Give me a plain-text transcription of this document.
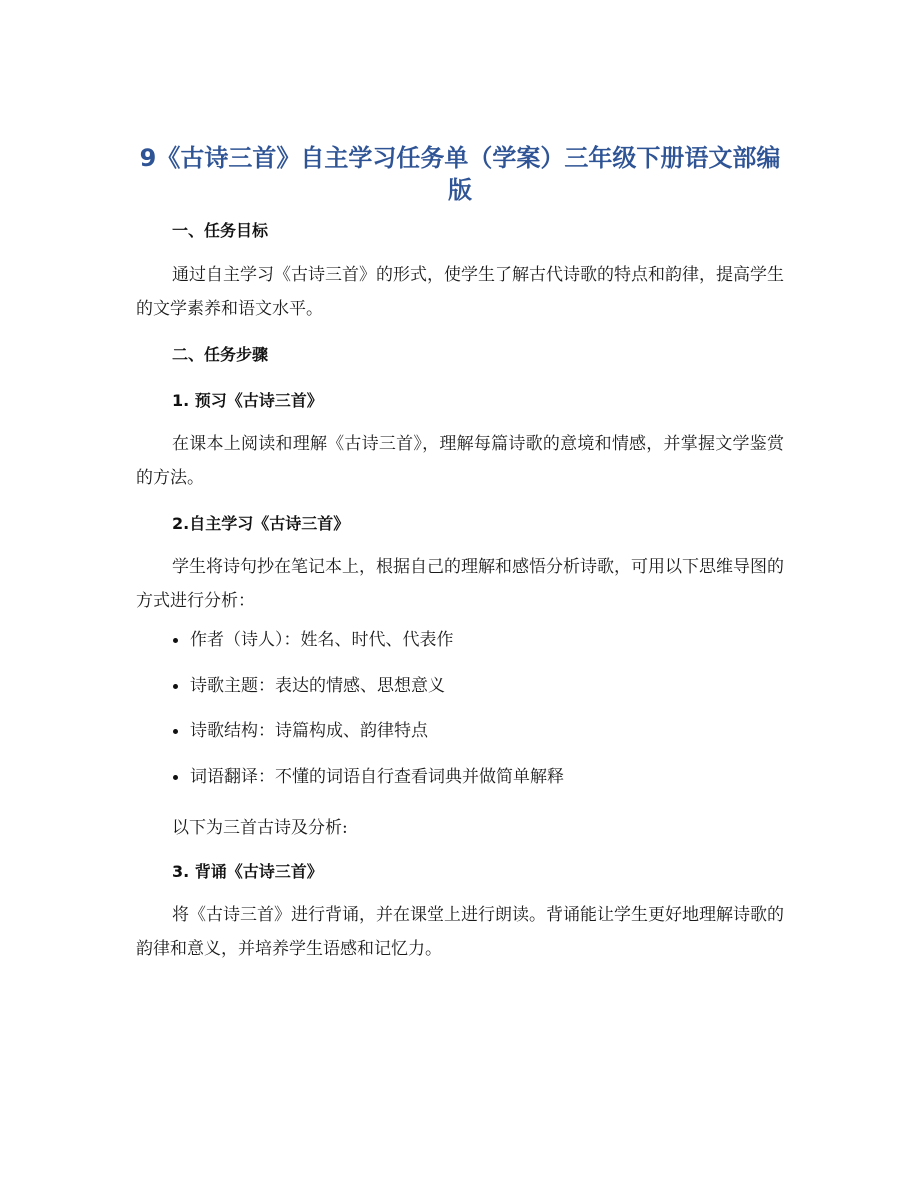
9《古诗三首》自主学习任务单（学案）三年级下册语文部编版
一、任务目标
通过自主学习《古诗三首》的形式，使学生了解古代诗歌的特点和韵律，提高学生的文学素养和语文水平。
二、任务步骤
1. 预习《古诗三首》
在课本上阅读和理解《古诗三首》，理解每篇诗歌的意境和情感，并掌握文学鉴赏的方法。
2.自主学习《古诗三首》
学生将诗句抄在笔记本上，根据自己的理解和感悟分析诗歌，可用以下思维导图的方式进行分析：
作者（诗人）：姓名、时代、代表作
诗歌主题：表达的情感、思想意义
诗歌结构：诗篇构成、韵律特点
词语翻译：不懂的词语自行查看词典并做简单解释
以下为三首古诗及分析:
3. 背诵《古诗三首》
将《古诗三首》进行背诵，并在课堂上进行朗读。背诵能让学生更好地理解诗歌的韵律和意义，并培养学生语感和记忆力。
